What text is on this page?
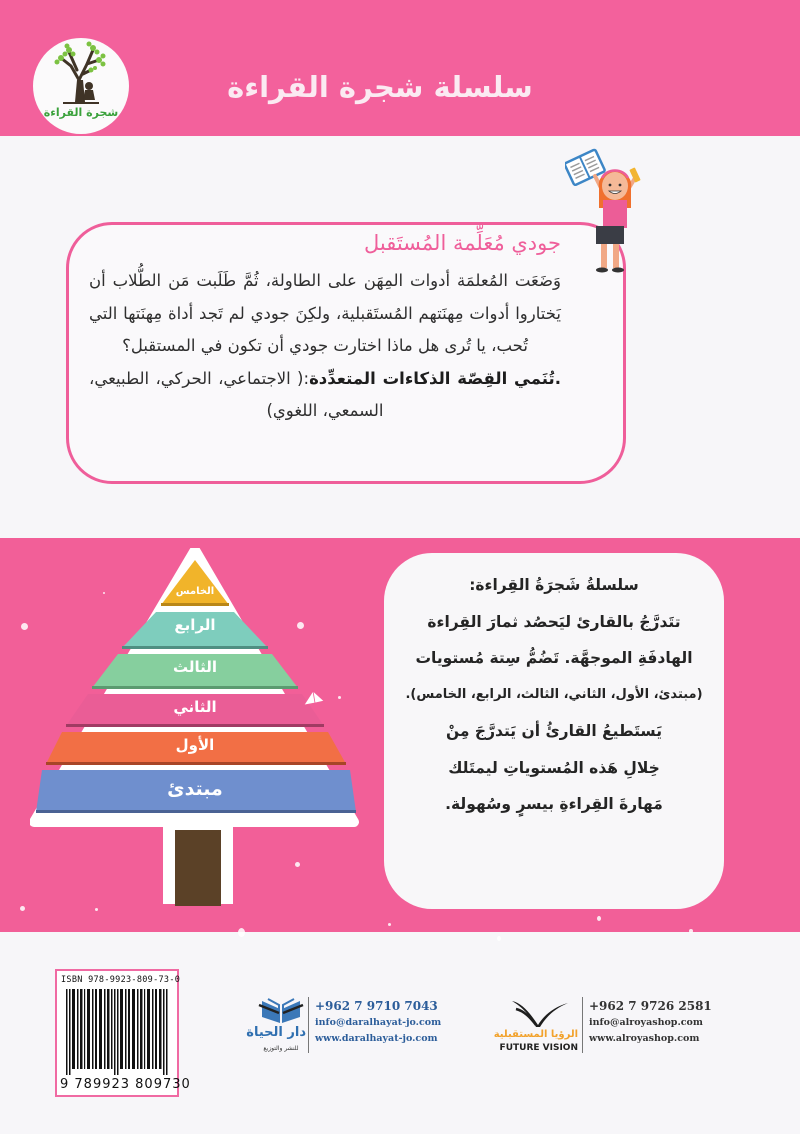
شجرة القراءة
سلسلة شجرة القراءة
جودي مُعَلِّمة المُستَقبل

وَضَعَت المُعلمَة أدوات المِهَن على الطاولة، ثُمَّ طَلَبت مَن الطُّلاب أن يَختاروا أدوات مِهنَتهم المُستَقبلية، ولكِنَ جودي لم تَجد أداة مِهنَتها التي تُحب، يا تُرى هل ماذا اختارت جودي أن تكون في المستقبل؟

.تُنَمي القِصّة الذكاءات المتعدِّدة:( الاجتماعي، الحركي، الطبيعي، السمعي، اللغوي)

الخامس
الرابع
الثالث
الثاني
الأول
مبتدئ
سلسلةُ شَجرَةُ القِراءة:
تتَدرَّجُ بالقارئ ليَحصُد ثمارَ القِراءة
الهادفَةِ الموجهَّة. تَضُمُّ سِتة مُستويات
(مبتدئ، الأول، الثاني، الثالث، الرابع، الخامس).
يَستَطيعُ القارئُ أن يَتدرَّجَ مِنْ
خِلالِ هَذه المُستوياتِ ليمتَلك
مَهارةَ القِراءةِ بيسرٍ وسُهولة.
ISBN 978-9923-809-73-0
9 789923 809730
دار الحياة
للنشر والتوزيع
+962 7 9710 7043
info@daralhayat-jo.com
www.daralhayat-jo.com	الرؤيا المستقبلية
FUTURE VISION
+962 7 9726 2581
info@alroyashop.com
www.alroyashop.com
